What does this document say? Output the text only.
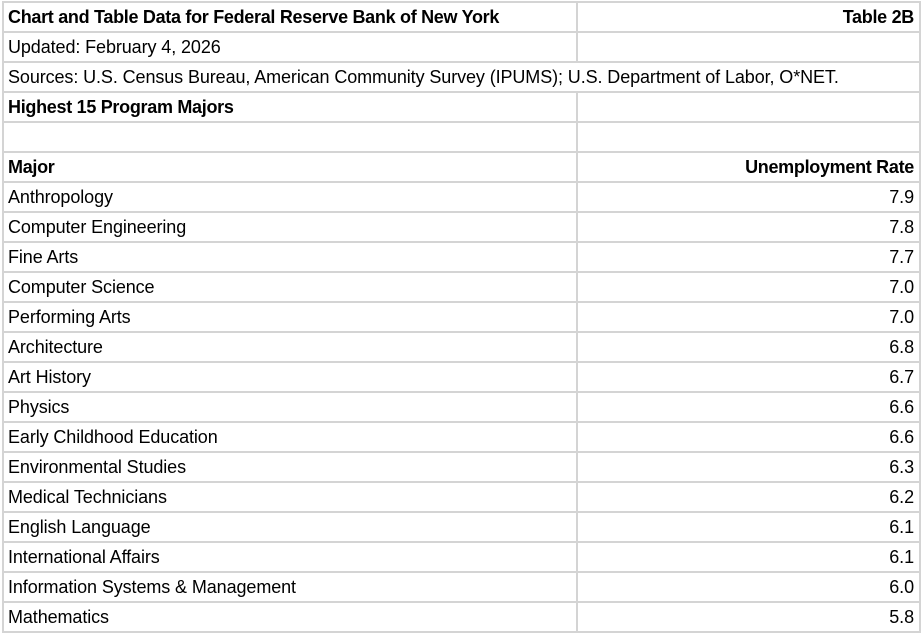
Chart and Table Data for Federal Reserve Bank of New York	Table 2B
Updated: February 4, 2026
Sources: U.S. Census Bureau, American Community Survey (IPUMS); U.S. Department of Labor, O*NET.
Highest 15 Program Majors
Major	Unemployment Rate
Anthropology	7.9
Computer Engineering	7.8
Fine Arts	7.7
Computer Science	7.0
Performing Arts	7.0
Architecture	6.8
Art History	6.7
Physics	6.6
Early Childhood Education	6.6
Environmental Studies	6.3
Medical Technicians	6.2
English Language	6.1
International Affairs	6.1
Information Systems & Management	6.0
Mathematics	5.8
